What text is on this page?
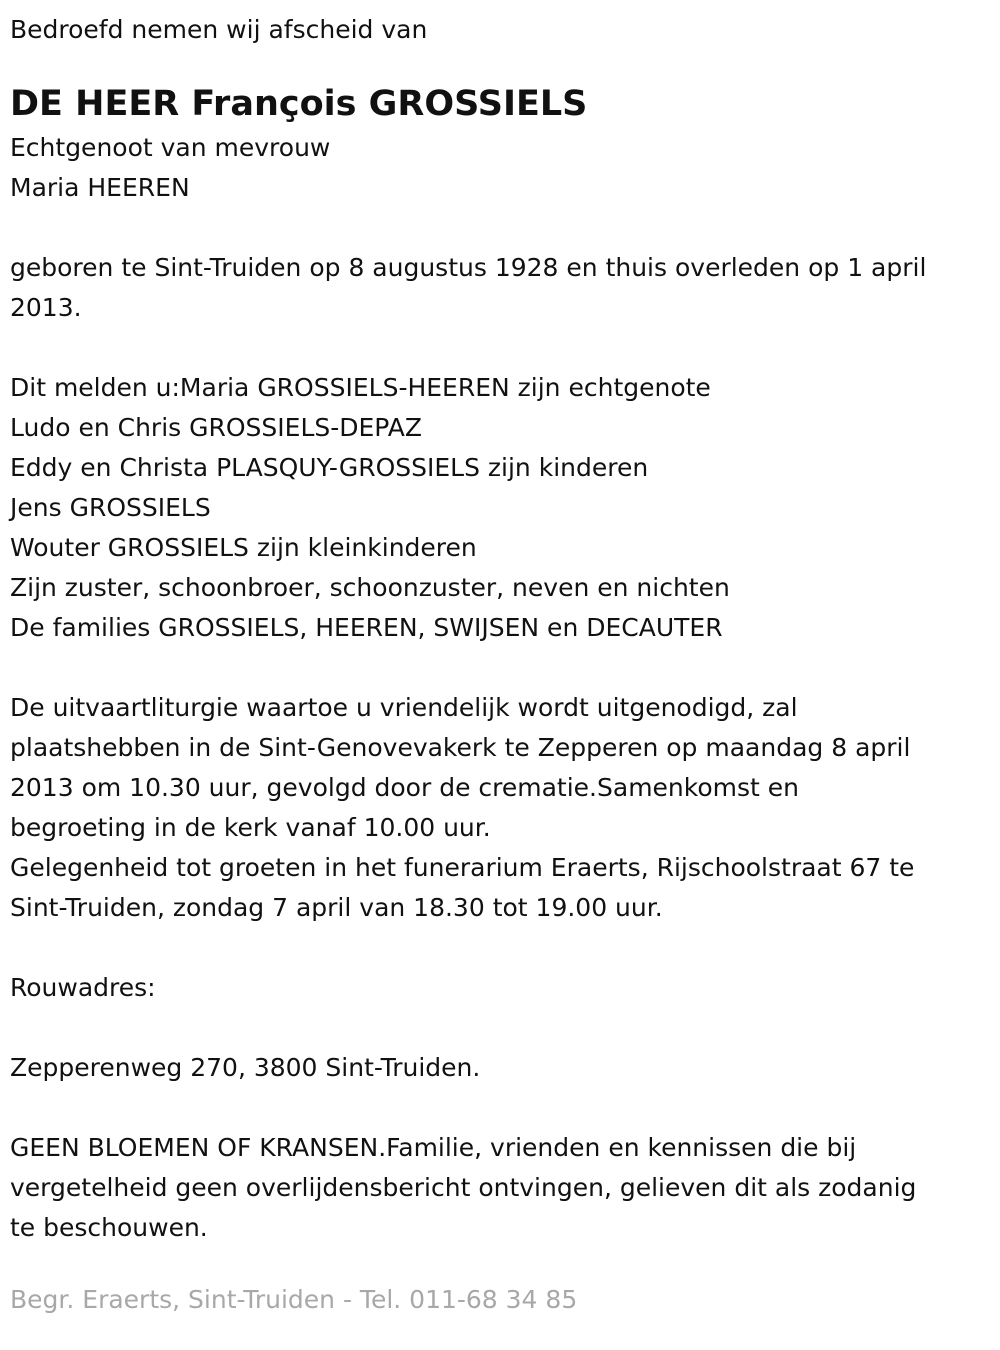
Bedroefd nemen wij afscheid van

DE HEER François GROSSIELS

Echtgenoot van mevrouw

Maria HEEREN

geboren te Sint-Truiden op 8 augustus 1928 en thuis overleden op 1 april 2013.

Dit melden u:Maria GROSSIELS-HEEREN zijn echtgenote

Ludo en Chris GROSSIELS-DEPAZ

Eddy en Christa PLASQUY-GROSSIELS zijn kinderen

Jens GROSSIELS

Wouter GROSSIELS zijn kleinkinderen

Zijn zuster, schoonbroer, schoonzuster, neven en nichten

De families GROSSIELS, HEEREN, SWIJSEN en DECAUTER

De uitvaartliturgie waartoe u vriendelijk wordt uitgenodigd, zal

plaatshebben in de Sint-Genovevakerk te Zepperen op maandag 8 april

2013 om 10.30 uur, gevolgd door de crematie.Samenkomst en

begroeting in de kerk vanaf 10.00 uur.

Gelegenheid tot groeten in het funerarium Eraerts, Rijschoolstraat 67 te

Sint-Truiden, zondag 7 april van 18.30 tot 19.00 uur.

Rouwadres:

Zepperenweg 270, 3800 Sint-Truiden.

GEEN BLOEMEN OF KRANSEN.Familie, vrienden en kennissen die bij

vergetelheid geen overlijdensbericht ontvingen, gelieven dit als zodanig

te beschouwen.

Begr. Eraerts, Sint-Truiden - Tel. 011-68 34 85
